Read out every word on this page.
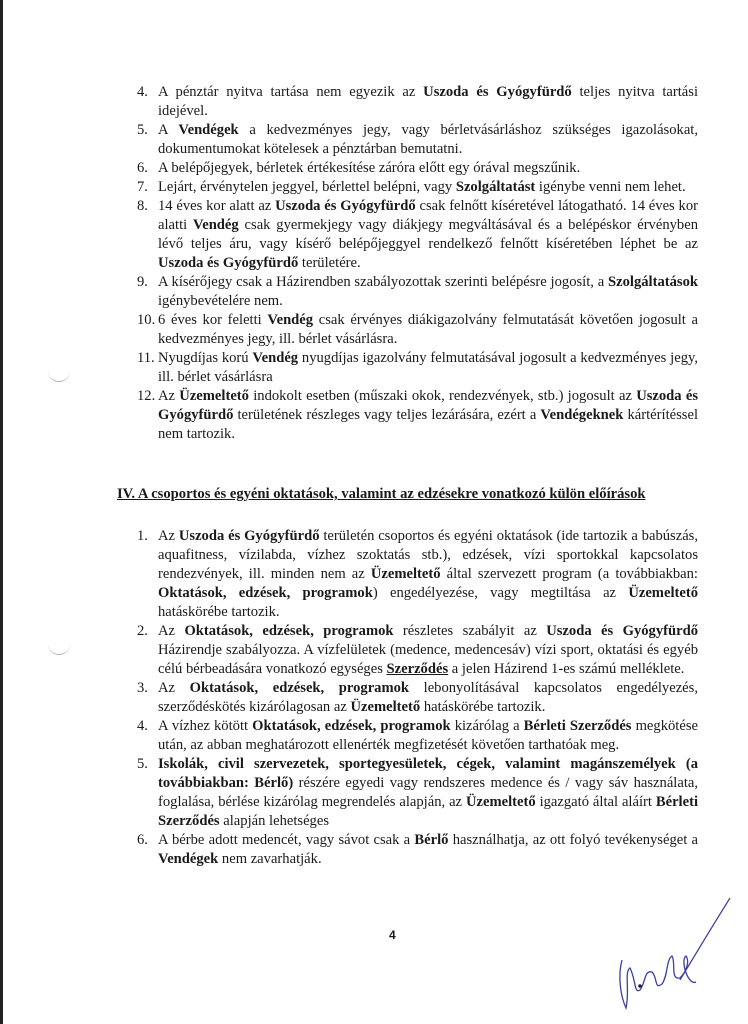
4. A pénztár nyitva tartása nem egyezik az Uszoda és Gyógyfürdő teljes nyitva tartási idejével.
5. A Vendégek a kedvezményes jegy, vagy bérletvásárláshoz szükséges igazolásokat, dokumentumokat kötelesek a pénztárban bemutatni.
6. A belépőjegyek, bérletek értékesítése záróra előtt egy órával megszűnik.
7. Lejárt, érvénytelen jeggyel, bérlettel belépni, vagy Szolgáltatást igénybe venni nem lehet.
8. 14 éves kor alatt az Uszoda és Gyógyfürdő csak felnőtt kíséretével látogatható. 14 éves kor alatti Vendég csak gyermekjegy vagy diákjegy megváltásával és a belépéskor érvényben lévő teljes áru, vagy kísérő belépőjeggyel rendelkező felnőtt kíséretében léphet be az Uszoda és Gyógyfürdő területére.
9. A kísérőjegy csak a Házirendben szabályozottak szerinti belépésre jogosít, a Szolgáltatások igénybevételére nem.
10. 6 éves kor feletti Vendég csak érvényes diákigazolvány felmutatását követően jogosult a kedvezményes jegy, ill. bérlet vásárlásra.
11. Nyugdíjas korú Vendég nyugdíjas igazolvány felmutatásával jogosult a kedvezményes jegy, ill. bérlet vásárlásra
12. Az Üzemeltető indokolt esetben (műszaki okok, rendezvények, stb.) jogosult az Uszoda és Gyógyfürdő területének részleges vagy teljes lezárására, ezért a Vendégeknek kártérítéssel nem tartozik.
IV. A csoportos és egyéni oktatások, valamint az edzésekre vonatkozó külön előírások
1. Az Uszoda és Gyógyfürdő területén csoportos és egyéni oktatások (ide tartozik a babúszás, aquafitness, vízilabda, vízhez szoktatás stb.), edzések, vízi sportokkal kapcsolatos rendezvények, ill. minden nem az Üzemeltető által szervezett program (a továbbiakban: Oktatások, edzések, programok) engedélyezése, vagy megtiltása az Üzemeltető hatáskörébe tartozik.
2. Az Oktatások, edzések, programok részletes szabályit az Uszoda és Gyógyfürdő Házirendje szabályozza. A vízfelületek (medence, medencesáv) vízi sport, oktatási és egyéb célú bérbeadására vonatkozó egységes Szerződés a jelen Házirend 1-es számú melléklete.
3. Az Oktatások, edzések, programok lebonyolításával kapcsolatos engedélyezés, szerződéskötés kizárólagosan az Üzemeltető hatáskörébe tartozik.
4. A vízhez kötött Oktatások, edzések, programok kizárólag a Bérleti Szerződés megkötése után, az abban meghatározott ellenérték megfizetését követően tarthatóak meg.
5. Iskolák, civil szervezetek, sportegyesületek, cégek, valamint magánszemélyek (a továbbiakban: Bérlő) részére egyedi vagy rendszeres medence és / vagy sáv használata, foglalása, bérlése kizárólag megrendelés alapján, az Üzemeltető igazgató által aláírt Bérleti Szerződés alapján lehetséges
6. A bérbe adott medencét, vagy sávot csak a Bérlő használhatja, az ott folyó tevékenységet a Vendégek nem zavarhatják.
4
